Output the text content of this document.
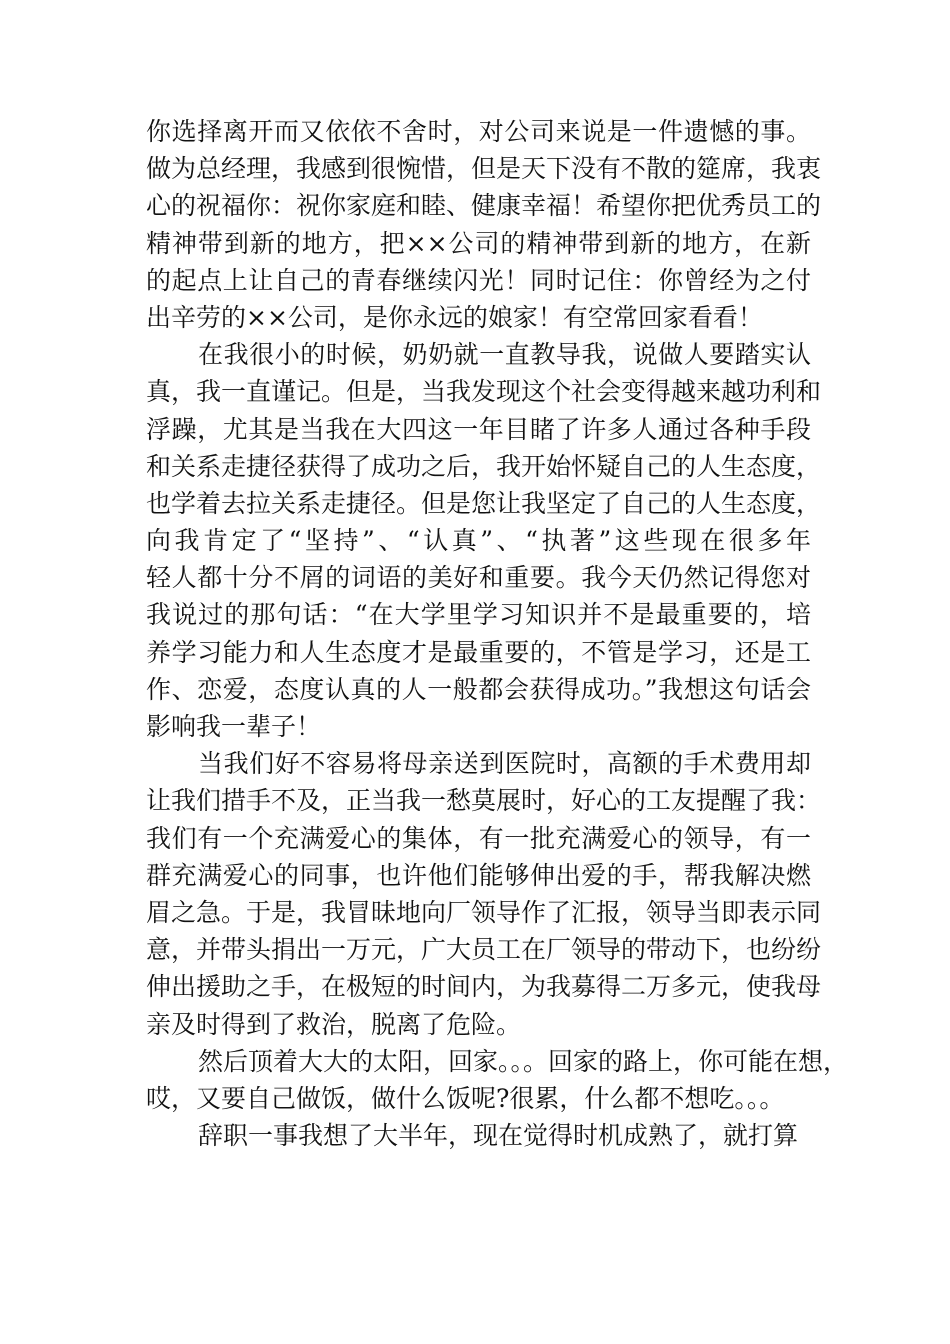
你选择离开而又依依不舍时，对公司来说是一件遗憾的事。
做为总经理，我感到很惋惜，但是天下没有不散的筵席，我衷
心的祝福你：祝你家庭和睦、健康幸福！希望你把优秀员工的
精神带到新的地方，把××公司的精神带到新的地方，在新
的起点上让自己的青春继续闪光！同时记住：你曾经为之付
出辛劳的××公司，是你永远的娘家！有空常回家看看！
在我很小的时候，奶奶就一直教导我，说做人要踏实认
真，我一直谨记。但是，当我发现这个社会变得越来越功利和
浮躁，尤其是当我在大四这一年目睹了许多人通过各种手段
和关系走捷径获得了成功之后，我开始怀疑自己的人生态度，
也学着去拉关系走捷径。但是您让我坚定了自己的人生态度，
向我肯定了“坚持”、“认真”、“执著”这些现在很多年
轻人都十分不屑的词语的美好和重要。我今天仍然记得您对
我说过的那句话：“在大学里学习知识并不是最重要的，培
养学习能力和人生态度才是最重要的，不管是学习，还是工
作、恋爱，态度认真的人一般都会获得成功。”我想这句话会
影响我一辈子！
当我们好不容易将母亲送到医院时，高额的手术费用却
让我们措手不及，正当我一愁莫展时，好心的工友提醒了我：
我们有一个充满爱心的集体，有一批充满爱心的领导，有一
群充满爱心的同事，也许他们能够伸出爱的手，帮我解决燃
眉之急。于是，我冒昧地向厂领导作了汇报，领导当即表示同
意，并带头捐出一万元，广大员工在厂领导的带动下，也纷纷
伸出援助之手，在极短的时间内，为我募得二万多元，使我母
亲及时得到了救治，脱离了危险。
然后顶着大大的太阳，回家。。。回家的路上，你可能在想，
哎，又要自己做饭，做什么饭呢?很累，什么都不想吃。。。
辞职一事我想了大半年，现在觉得时机成熟了，就打算
